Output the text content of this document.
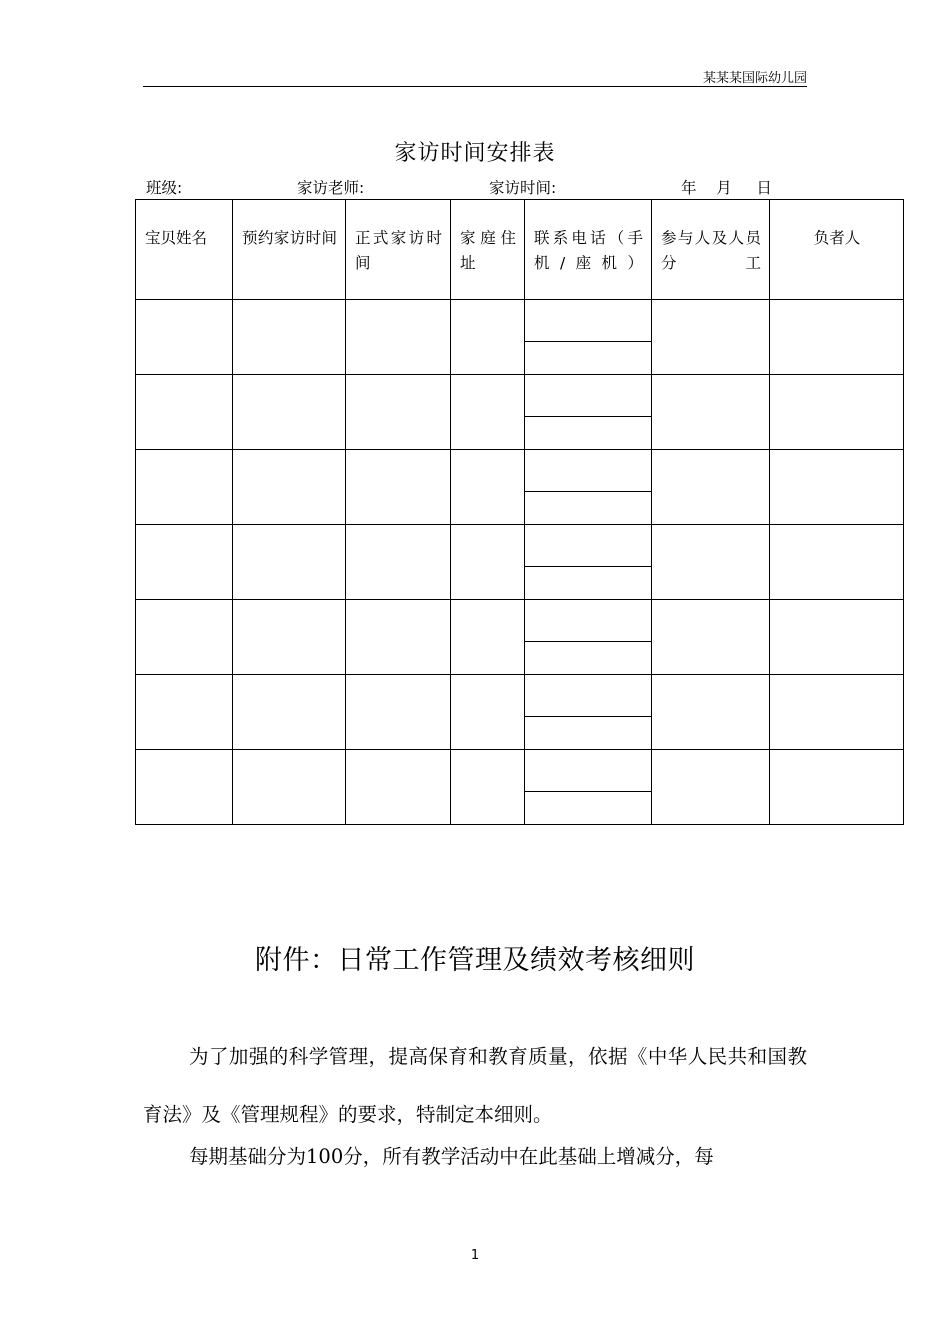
某某某国际幼儿园
家访时间安排表
班级:	家访老师:	家访时间:	年    月     日
宝贝姓名	预约家访时间	正式家访时间	家庭住址	联系电话（手机/座机）	参与人及人员分工	负者人

附件：日常工作管理及绩效考核细则

为了加强的科学管理，提高保育和教育质量，依据《中华人民共和国教育法》及《管理规程》的要求，特制定本细则。

每期基础分为100分，所有教学活动中在此基础上增减分，每

1
